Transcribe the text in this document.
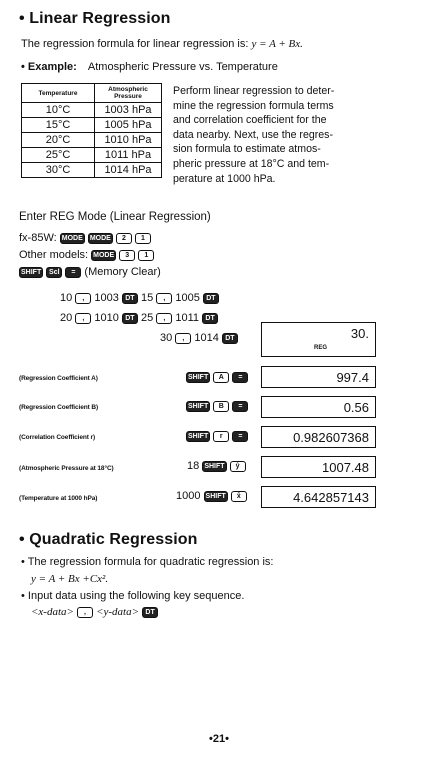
• Linear Regression
The regression formula for linear regression is: y = A + Bx.
• Example: Atmospheric Pressure vs. Temperature
Temperature	Atmospheric Pressure
10°C	1003 hPa
15°C	1005 hPa
20°C	1010 hPa
25°C	1011 hPa
30°C	1014 hPa
Perform linear regression to deter-
mine the regression formula terms
and correlation coefficient for the
data nearby. Next, use the regres-
sion formula to estimate atmos-
pheric pressure at 18°C and tem-
perature at 1000 hPa.
Enter REG Mode (Linear Regression)
fx-85W: MODE MODE 2 1
Other models: MODE 3 1
SHIFT Scl = (Memory Clear)
10 , 1003 DT 15 , 1005 DT
20 , 1010 DT 25 , 1011 DT
30 , 1014 DT	30.
REG
(Regression Coefficient A)	SHIFT A =	997.4
(Regression Coefficient B)	SHIFT B =	0.56
(Correlation Coefficient r)	SHIFT r =	0.982607368
(Atmospheric Pressure at 18°C)	18 SHIFT ŷ	1007.48
(Temperature at 1000 hPa)	1000 SHIFT x̂	4.642857143
• Quadratic Regression
• The regression formula for quadratic regression is:
y = A + Bx +Cx².
• Input data using the following key sequence.
<x-data> , <y-data> DT
•21•
